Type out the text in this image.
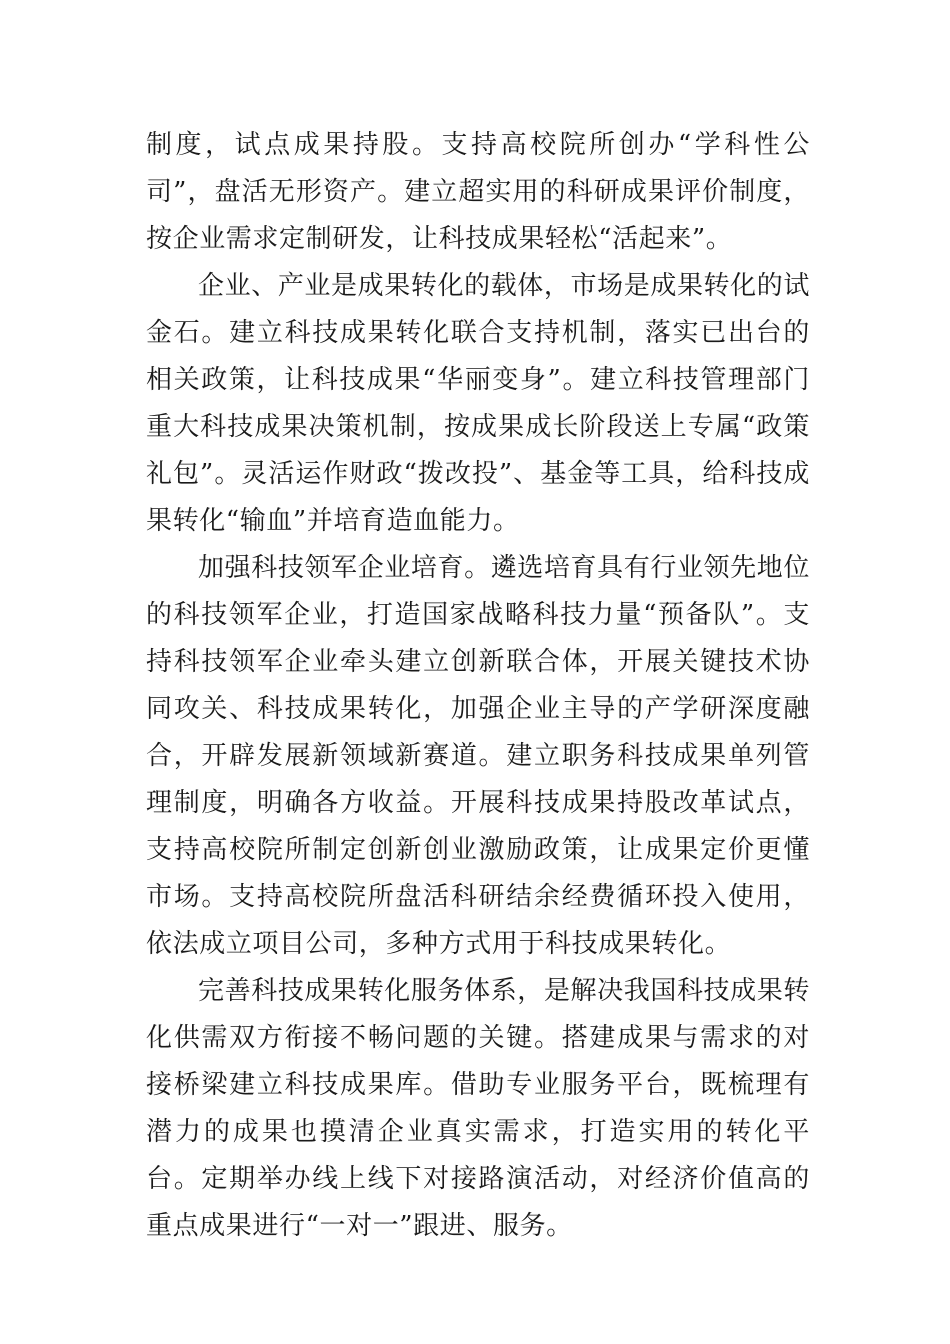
制度，试点成果持股。支持高校院所创办“学科性公司”，盘活无形资产。建立超实用的科研成果评价制度，按企业需求定制研发，让科技成果轻松“活起来”。

企业、产业是成果转化的载体，市场是成果转化的试金石。建立科技成果转化联合支持机制，落实已出台的相关政策，让科技成果“华丽变身”。建立科技管理部门重大科技成果决策机制，按成果成长阶段送上专属“政策礼包”。灵活运作财政“拨改投”、基金等工具，给科技成果转化“输血”并培育造血能力。

加强科技领军企业培育。遴选培育具有行业领先地位的科技领军企业，打造国家战略科技力量“预备队”。支持科技领军企业牵头建立创新联合体，开展关键技术协同攻关、科技成果转化，加强企业主导的产学研深度融合，开辟发展新领域新赛道。建立职务科技成果单列管理制度，明确各方收益。开展科技成果持股改革试点，支持高校院所制定创新创业激励政策，让成果定价更懂市场。支持高校院所盘活科研结余经费循环投入使用，依法成立项目公司，多种方式用于科技成果转化。

完善科技成果转化服务体系，是解决我国科技成果转化供需双方衔接不畅问题的关键。搭建成果与需求的对接桥梁建立科技成果库。借助专业服务平台，既梳理有潜力的成果也摸清企业真实需求，打造实用的转化平台。定期举办线上线下对接路演活动，对经济价值高的重点成果进行“一对一”跟进、服务。
